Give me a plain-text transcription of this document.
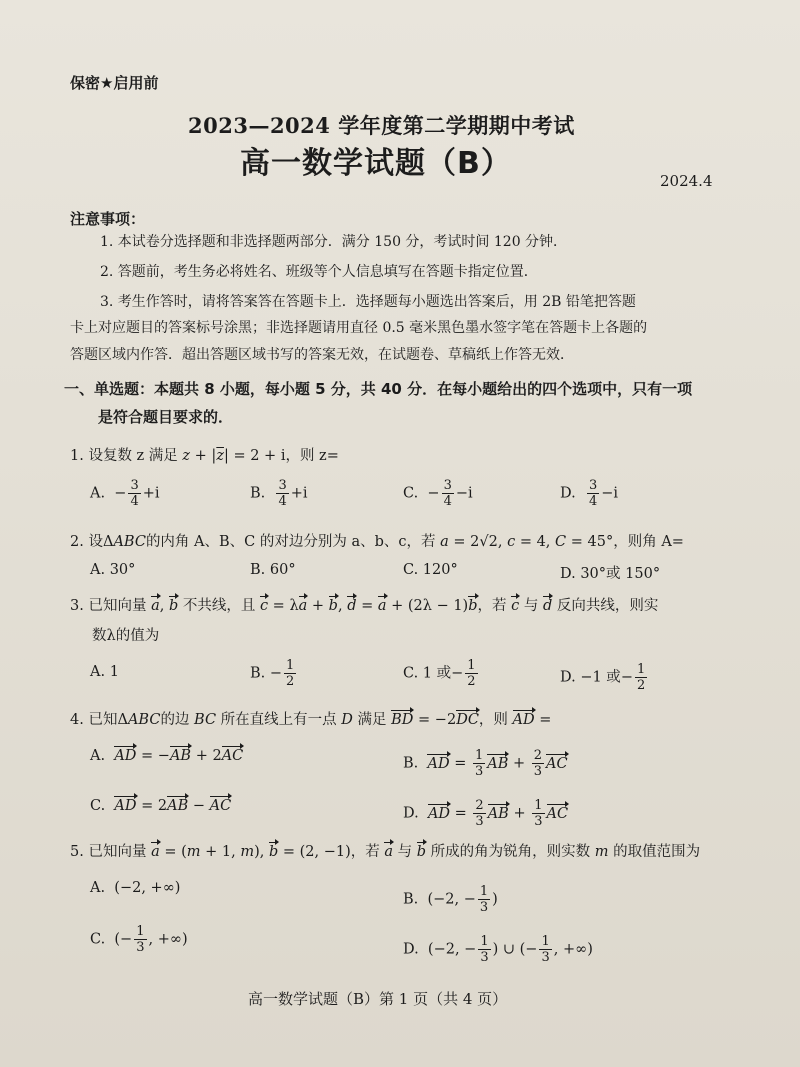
保密★启用前
2023—2024 学年度第二学期期中考试
高一数学试题（B）	2024.4
注意事项：
1. 本试卷分选择题和非选择题两部分．满分 150 分，考试时间 120 分钟．
2. 答题前，考生务必将姓名、班级等个人信息填写在答题卡指定位置．
3. 考生作答时，请将答案答在答题卡上．选择题每小题选出答案后，用 2B 铅笔把答题
卡上对应题目的答案标号涂黑；非选择题请用直径 0.5 毫米黑色墨水签字笔在答题卡上各题的
答题区域内作答．超出答题区域书写的答案无效，在试题卷、草稿纸上作答无效．
一、单选题：本题共 8 小题，每小题 5 分，共 40 分．在每小题给出的四个选项中，只有一项
是符合题目要求的．
1. 设复数 z 满足 $z + |\overline{z}| = 2 + i$，则 z=
A.  − $\frac{3}{4} +i$	B. $\frac{3}{4} +i$	C.  − $\frac{3}{4} -i$	D. $\frac{3}{4} -i$
2. 设ΔABC的内角 A、B、C 的对边分别为 a、b、c，若 a = 2√2, c = 4, C = 45°，则角 A=
A. 30°	B. 60°	C. 120°	D. 30°或 150°
3. 已知向量 a, b 不共线，且 c = λa + b, d = a + (2λ − 1)b，若 c 与 d 反向共线，则实
数λ的值为
A. 1	B. − $\frac{1}{2}$	C. 1 或− $\frac{1}{2}$	D. −1 或− $\frac{1}{2}$
4. 已知ΔABC的边 BC 所在直线上有一点 D 满足 BD = −2DC，则 AD =
A.  AD = −AB + 2AC	B.  AD = $\frac{1}{3}$ AB + $\frac{2}{3}$ AC
C.  AD = 2AB − AC	D.  AD = $\frac{2}{3}$ AB + $\frac{1}{3}$ AC
5. 已知向量 a = (m + 1, m), b = (2, −1)，若 a 与 b 所成的角为锐角，则实数 m 的取值范围为
A.  (−2, +∞)
B.  (−2, − $\frac{1}{3}$ )
C.  (− $\frac{1}{3}$ , +∞)
D.  (−2, − $\frac{1}{3}$ ) ∪ (− $\frac{1}{3}$ , +∞)
高一数学试题（B）第 1 页（共 4 页）
